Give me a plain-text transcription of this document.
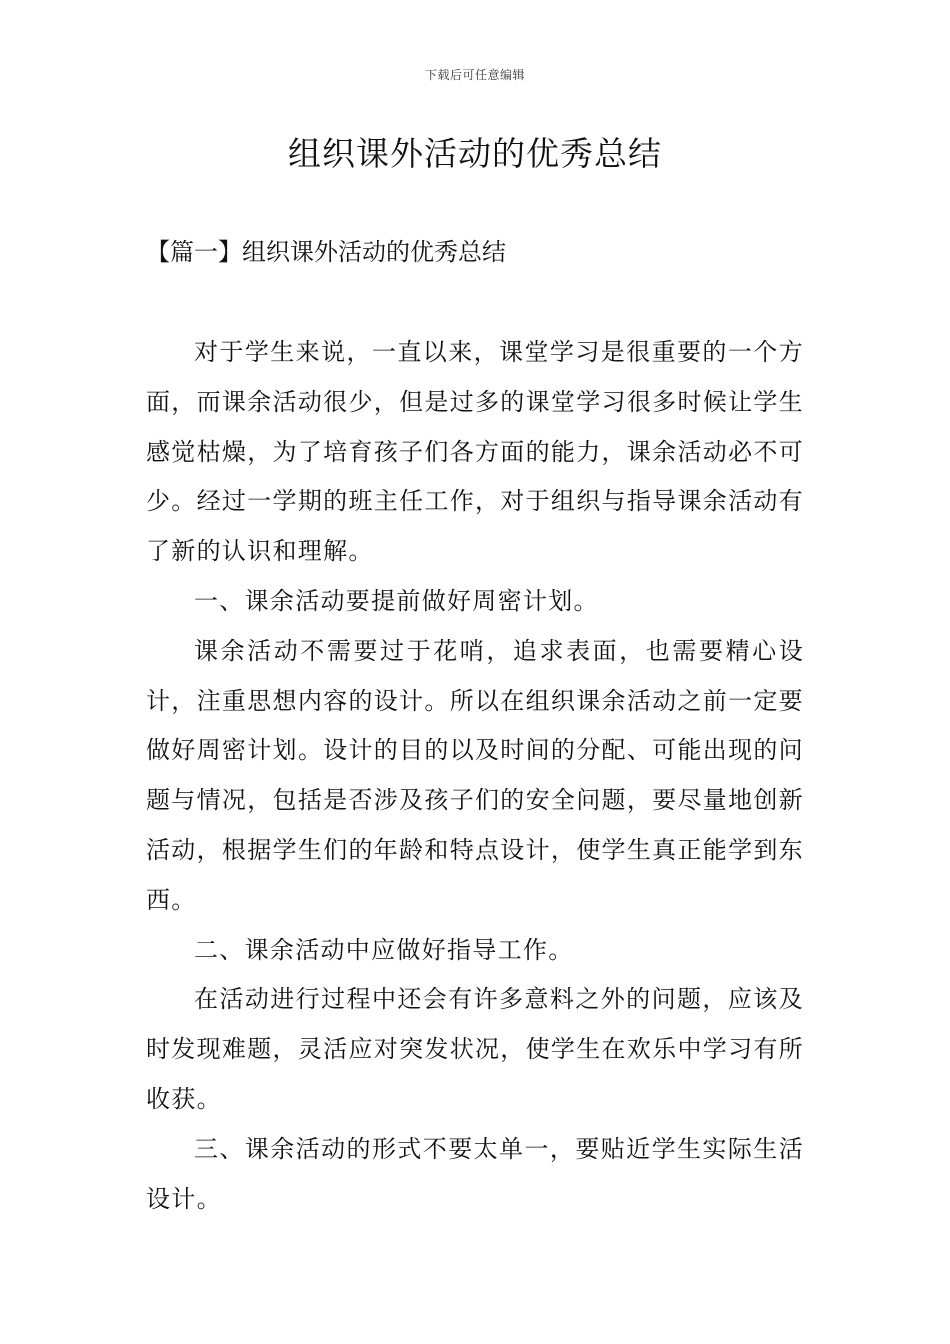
下载后可任意编辑
组织课外活动的优秀总结
【篇一】组织课外活动的优秀总结

对于学生来说，一直以来，课堂学习是很重要的一个方面，而课余活动很少，但是过多的课堂学习很多时候让学生感觉枯燥，为了培育孩子们各方面的能力，课余活动必不可少。经过一学期的班主任工作，对于组织与指导课余活动有了新的认识和理解。

一、课余活动要提前做好周密计划。

课余活动不需要过于花哨，追求表面，也需要精心设计，注重思想内容的设计。所以在组织课余活动之前一定要做好周密计划。设计的目的以及时间的分配、可能出现的问题与情况，包括是否涉及孩子们的安全问题，要尽量地创新活动，根据学生们的年龄和特点设计，使学生真正能学到东西。

二、课余活动中应做好指导工作。

在活动进行过程中还会有许多意料之外的问题，应该及时发现难题，灵活应对突发状况，使学生在欢乐中学习有所收获。

三、课余活动的形式不要太单一，要贴近学生实际生活设计。
